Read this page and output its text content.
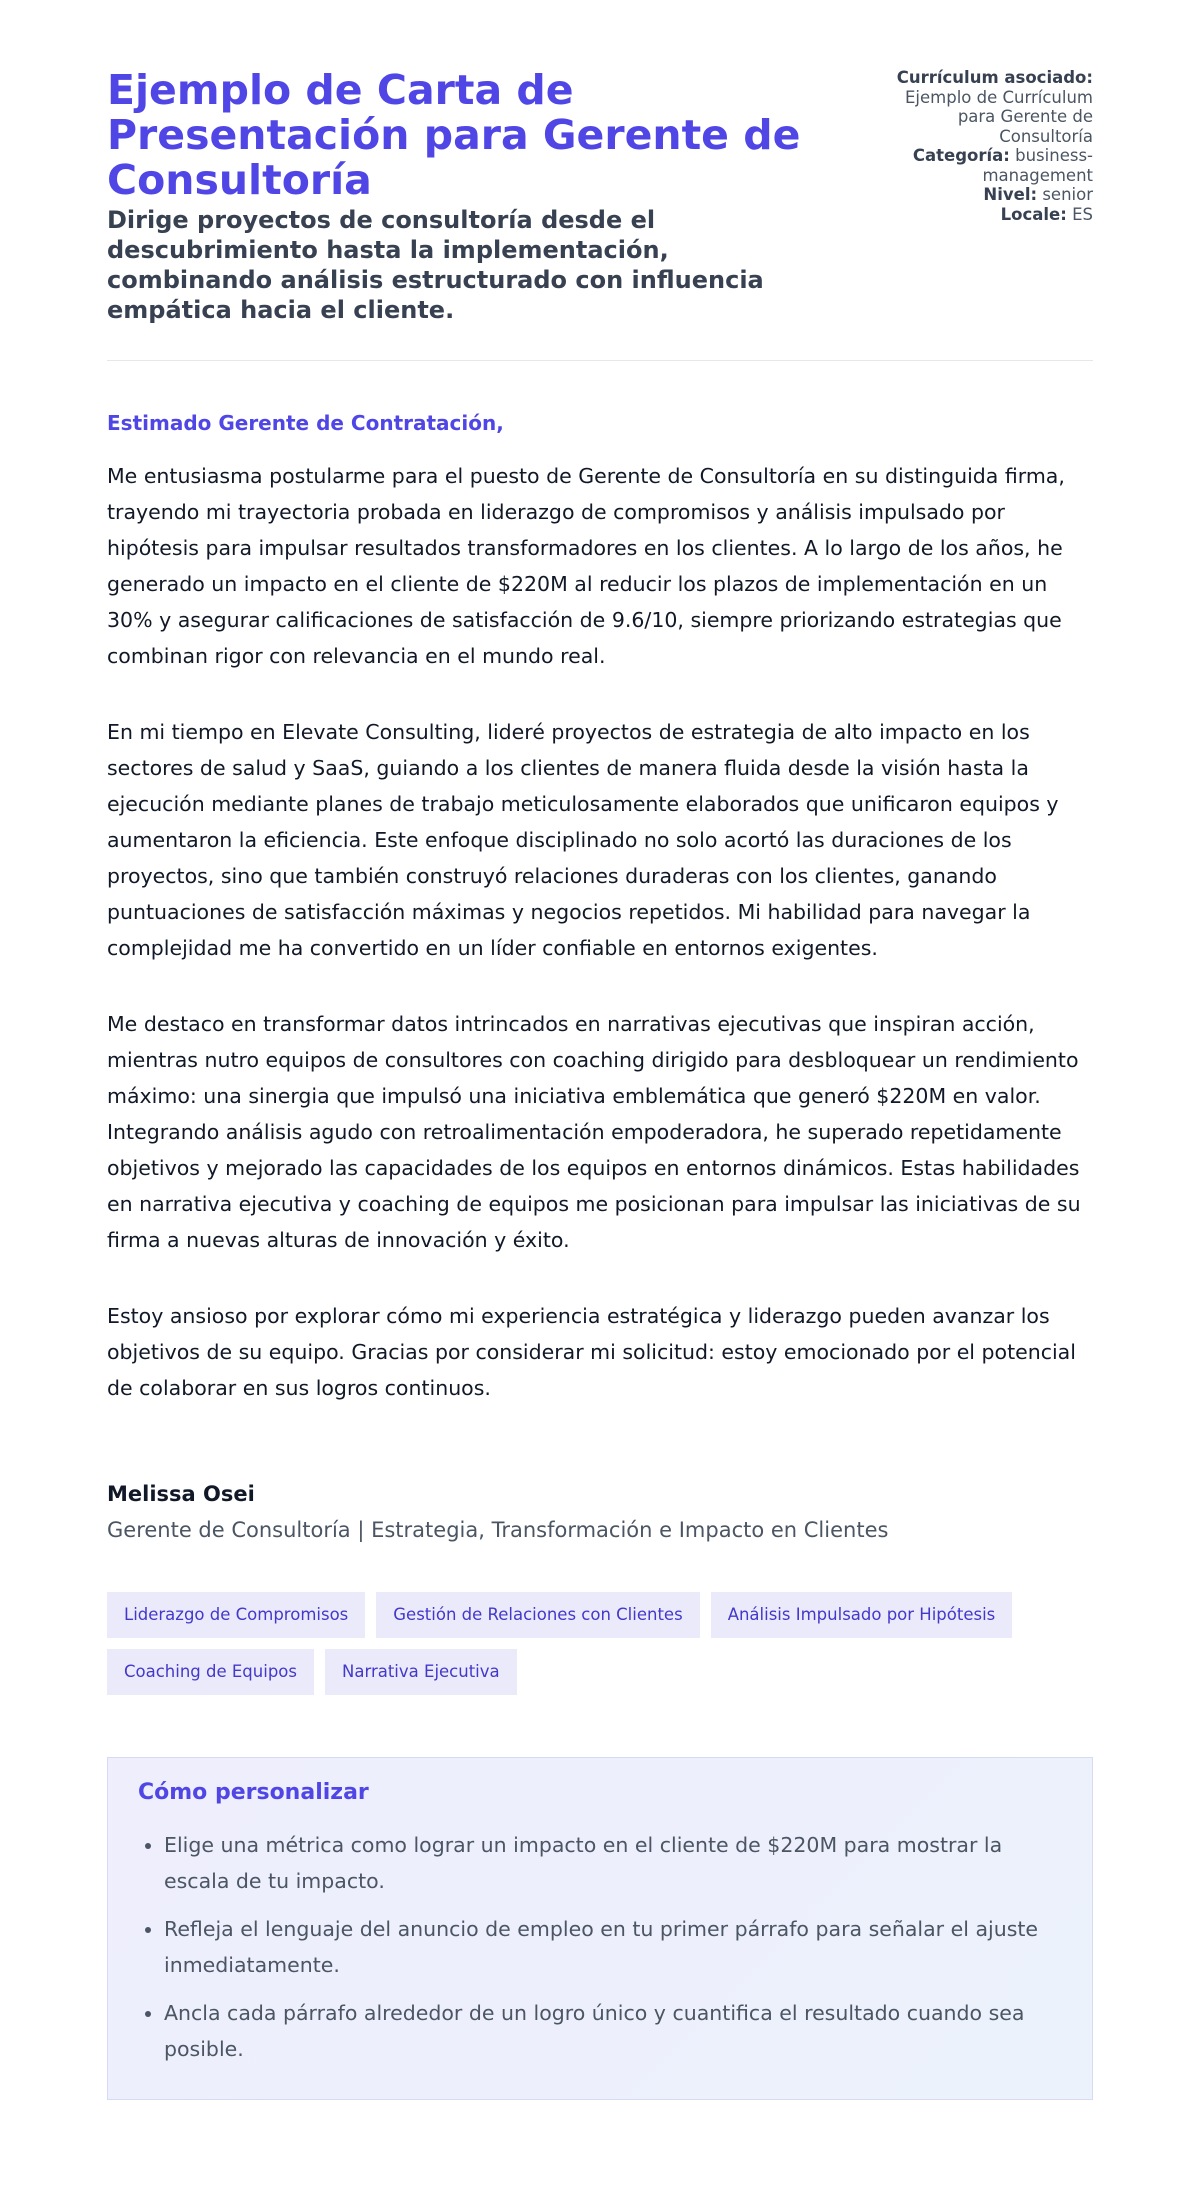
Ejemplo de Carta de Presentación para Gerente de Consultoría

Dirige proyectos de consultoría desde el descubrimiento hasta la implementación, combinando análisis estructurado con influencia empática hacia el cliente.

Currículum asociado:
Ejemplo de Currículum para Gerente de Consultoría
Categoría: business-management
Nivel: senior
Locale: ES

Estimado Gerente de Contratación,

Me entusiasma postularme para el puesto de Gerente de Consultoría en su distinguida firma, trayendo mi trayectoria probada en liderazgo de compromisos y análisis impulsado por hipótesis para impulsar resultados transformadores en los clientes. A lo largo de los años, he generado un impacto en el cliente de $220M al reducir los plazos de implementación en un 30% y asegurar calificaciones de satisfacción de 9.6/10, siempre priorizando estrategias que combinan rigor con relevancia en el mundo real.

En mi tiempo en Elevate Consulting, lideré proyectos de estrategia de alto impacto en los sectores de salud y SaaS, guiando a los clientes de manera fluida desde la visión hasta la ejecución mediante planes de trabajo meticulosamente elaborados que unificaron equipos y aumentaron la eficiencia. Este enfoque disciplinado no solo acortó las duraciones de los proyectos, sino que también construyó relaciones duraderas con los clientes, ganando puntuaciones de satisfacción máximas y negocios repetidos. Mi habilidad para navegar la complejidad me ha convertido en un líder confiable en entornos exigentes.

Me destaco en transformar datos intrincados en narrativas ejecutivas que inspiran acción, mientras nutro equipos de consultores con coaching dirigido para desbloquear un rendimiento máximo: una sinergia que impulsó una iniciativa emblemática que generó $220M en valor. Integrando análisis agudo con retroalimentación empoderadora, he superado repetidamente objetivos y mejorado las capacidades de los equipos en entornos dinámicos. Estas habilidades en narrativa ejecutiva y coaching de equipos me posicionan para impulsar las iniciativas de su firma a nuevas alturas de innovación y éxito.

Estoy ansioso por explorar cómo mi experiencia estratégica y liderazgo pueden avanzar los objetivos de su equipo. Gracias por considerar mi solicitud: estoy emocionado por el potencial de colaborar en sus logros continuos.

Melissa Osei

Gerente de Consultoría | Estrategia, Transformación e Impacto en Clientes

Liderazgo de Compromisos	Gestión de Relaciones con Clientes	Análisis Impulsado por Hipótesis
Coaching de Equipos	Narrativa Ejecutiva
Cómo personalizar
• Elige una métrica como lograr un impacto en el cliente de $220M para mostrar la escala de tu impacto.
• Refleja el lenguaje del anuncio de empleo en tu primer párrafo para señalar el ajuste inmediatamente.
• Ancla cada párrafo alrededor de un logro único y cuantifica el resultado cuando sea posible.
